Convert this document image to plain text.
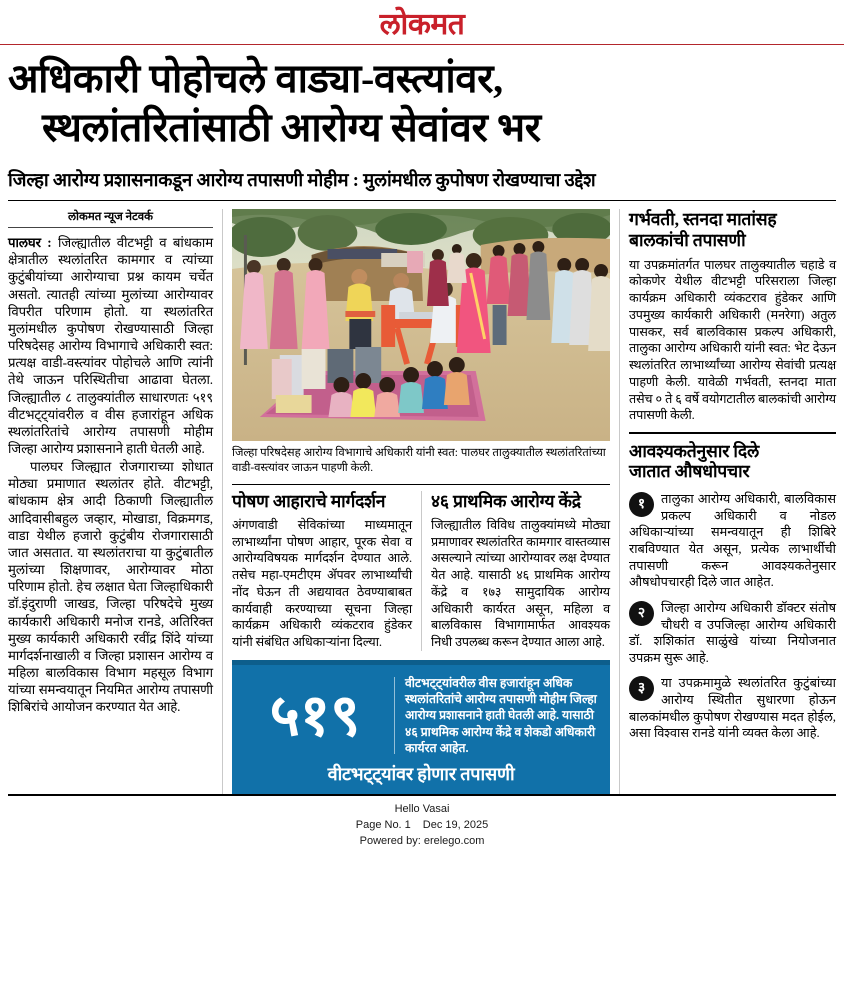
लोकमत
अधिकारी पोहोचले वाड्या-वस्त्यांवर,
स्थलांतरितांसाठी आरोग्य सेवांवर भर
जिल्हा आरोग्य प्रशासनाकडून आरोग्य तपासणी मोहीम : मुलांमधील कुपोषण रोखण्याचा उद्देश
लोकमत न्यूज नेटवर्क

पालघर : जिल्ह्यातील वीटभट्टी व बांधकाम क्षेत्रातील स्थलांतरित कामगार व त्यांच्या कुटुंबीयांच्या आरोग्याचा प्रश्न कायम चर्चेत असतो. त्यातही त्यांच्या मुलांच्या आरोग्यावर विपरीत परिणाम होतो. या स्थलांतरित मुलांमधील कुपोषण रोखण्यासाठी जिल्हा परिषदेसह आरोग्य विभागाचे अधिकारी स्वत: प्रत्यक्ष वाडी-वस्त्यांवर पोहोचले आणि त्यांनी तेथे जाऊन परिस्थितीचा आढावा घेतला. जिल्ह्यातील ८ तालुक्यांतील साधारणतः ५१९ वीटभट्ट्यांवरील व वीस हजारांहून अधिक स्थलांतरितांचे आरोग्य तपासणी मोहीम जिल्हा आरोग्य प्रशासनाने हाती घेतली आहे.

पालघर जिल्ह्यात रोजगाराच्या शोधात मोठ्या प्रमाणात स्थलांतर होते. वीटभट्टी, बांधकाम क्षेत्र आदी ठिकाणी जिल्ह्यातील आदिवासीबहुल जव्हार, मोखाडा, विक्रमगड, वाडा येथील हजारो कुटुंबीय रोजगारासाठी जात असतात. या स्थलांतराचा या कुटुंबातील मुलांच्या शिक्षणावर, आरोग्यावर मोठा परिणाम होतो. हेच लक्षात घेता जिल्हाधिकारी डॉ.इंदुराणी जाखड, जिल्हा परिषदेचे मुख्य कार्यकारी अधिकारी मनोज रानडे, अतिरिक्त मुख्य कार्यकारी अधिकारी रवींद्र शिंदे यांच्या मार्गदर्शनाखाली व जिल्हा प्रशासन आरोग्य व महिला बालविकास विभाग महसूल विभाग यांच्या समन्वयातून नियमित आरोग्य तपासणी शिबिरांचे आयोजन करण्यात येत आहे.

जिल्हा परिषदेसह आरोग्य विभागाचे अधिकारी यांनी स्वत: पालघर तालुक्यातील स्थलांतरितांच्या वाडी-वस्त्यांवर जाऊन पाहणी केली.
पोषण आहाराचे मार्गदर्शन

अंगणवाडी सेविकांच्या माध्यमातून लाभार्थ्यांना पोषण आहार, पूरक सेवा व आरोग्यविषयक मार्गदर्शन देण्यात आले. तसेच महा-एमटीएम ॲपवर लाभार्थ्यांची नोंद घेऊन ती अद्ययावत ठेवण्याबाबत कार्यवाही करण्याच्या सूचना जिल्हा कार्यक्रम अधिकारी व्यंकटराव हुंडेकर यांनी संबंधित अधिकाऱ्यांना दिल्या.

४६ प्राथमिक आरोग्य केंद्रे

जिल्ह्यातील विविध तालुक्यांमध्ये मोठ्या प्रमाणावर स्थलांतरित कामगार वास्तव्यास असल्याने त्यांच्या आरोग्यावर लक्ष देण्यात येत आहे. यासाठी ४६ प्राथमिक आरोग्य केंद्रे व १७३ सामुदायिक आरोग्य अधिकारी कार्यरत असून, महिला व बालविकास विभागामार्फत आवश्यक निधी उपलब्ध करून देण्यात आला आहे.

५१९
वीटभट्ट्यांवरील वीस हजारांहून अधिक स्थलांतरितांचे आरोग्य तपासणी मोहीम जिल्हा आरोग्य प्रशासनाने हाती घेतली आहे. यासाठी ४६ प्राथमिक आरोग्य केंद्रे व शेकडो अधिकारी कार्यरत आहेत.
वीटभट्ट्यांवर होणार तपासणी
गर्भवती, स्तनदा मातांसह
बालकांची तपासणी

या उपक्रमांतर्गत पालघर तालुक्यातील चहाडे व कोकणेर येथील वीटभट्टी परिसराला जिल्हा कार्यक्रम अधिकारी व्यंकटराव हुंडेकर आणि उपमुख्य कार्यकारी अधिकारी (मनरेगा) अतुल पासकर, सर्व बालविकास प्रकल्प अधिकारी, तालुका आरोग्य अधिकारी यांनी स्वत: भेट देऊन स्थलांतरित लाभार्थ्यांच्या आरोग्य सेवांची प्रत्यक्ष पाहणी केली. यावेळी गर्भवती, स्तनदा माता तसेच ० ते ६ वर्षे वयोगटातील बालकांची आरोग्य तपासणी केली.

आवश्यकतेनुसार दिले
जातात औषधोपचार
१	तालुका आरोग्य अधिकारी, बालविकास प्रकल्प अधिकारी व नोडल अधिकाऱ्यांच्या समन्वयातून ही शिबिरे राबविण्यात येत असून, प्रत्येक लाभार्थीची तपासणी करून आवश्यकतेनुसार औषधोपचारही दिले जात आहेत.
२	जिल्हा आरोग्य अधिकारी डॉक्टर संतोष चौधरी व उपजिल्हा आरोग्य अधिकारी डॉ. शशिकांत साळुंखे यांच्या नियोजनात उपक्रम सुरू आहे.
३	या उपक्रमामुळे स्थलांतरित कुटुंबांच्या आरोग्य स्थितीत सुधारणा होऊन बालकांमधील कुपोषण रोखण्यास मदत होईल, असा विश्वास रानडे यांनी व्यक्त केला आहे.
Hello Vasai
Page No. 1 Dec 19, 2025
Powered by: erelego.com
